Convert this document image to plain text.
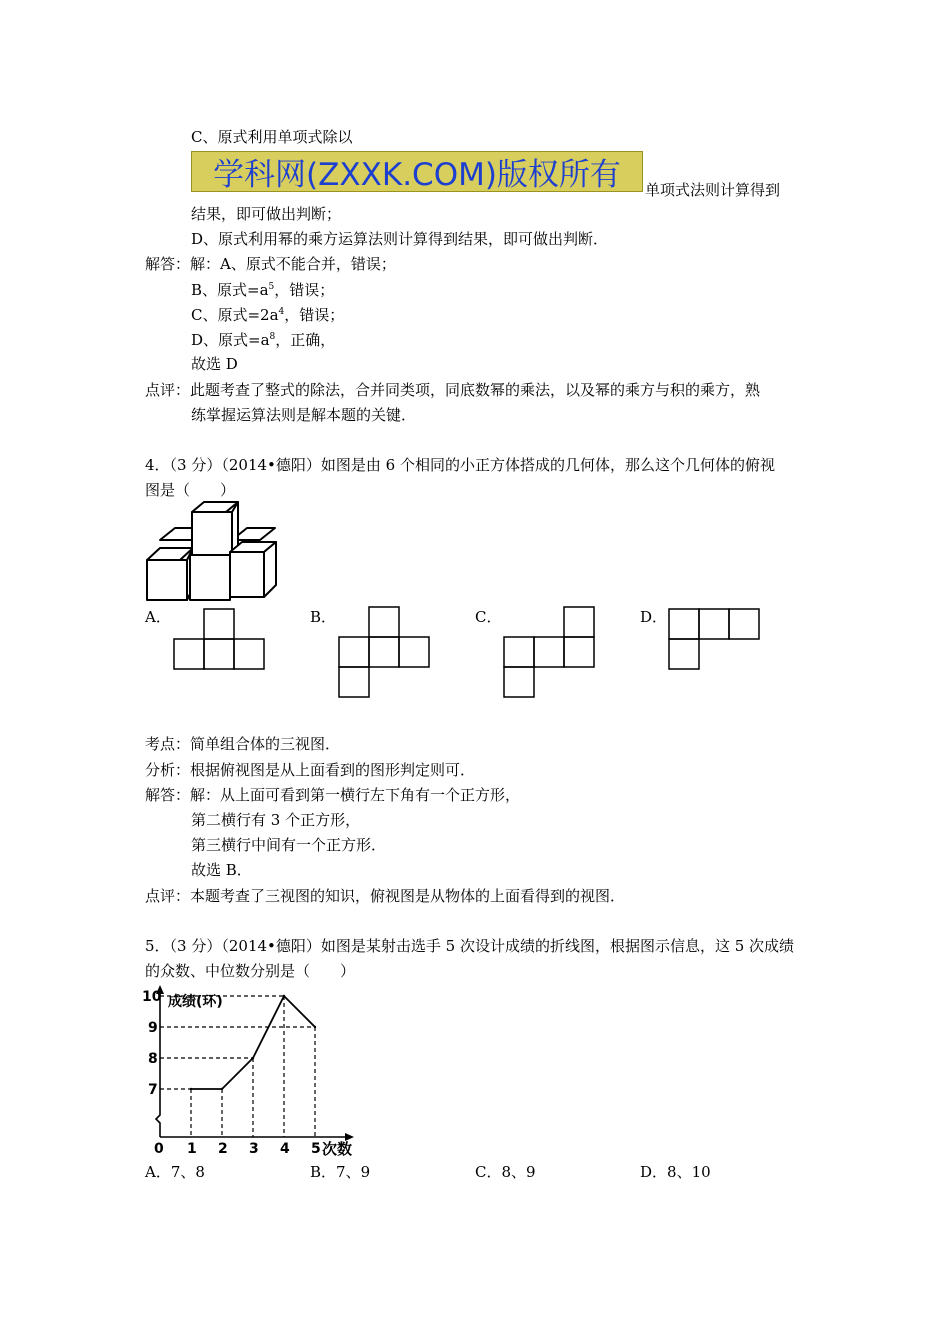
C、原式利用单项式除以
学科网(ZXXK.COM)版权所有 单项式法则计算得到
结果，即可做出判断；
D、原式利用幂的乘方运算法则计算得到结果，即可做出判断．
解答：解：A、原式不能合并，错误；
B、原式$=a^5$，错误；
C、原式$=2a^4$，错误；
D、原式$=a^8$，正确，
故选 D
点评：此题考查了整式的除法，合并同类项，同底数幂的乘法，以及幂的乘方与积的乘方，熟
练掌握运算法则是解本题的关键．
4．（3 分）（2014•德阳）如图是由 6 个相同的小正方体搭成的几何体，那么这个几何体的俯视
图是（　　）
A．	B．	C．	D．
考点：简单组合体的三视图．
分析：根据俯视图是从上面看到的图形判定则可．
解答：解：从上面可看到第一横行左下角有一个正方形，
第二横行有 3 个正方形，
第三横行中间有一个正方形．
故选 B．
点评：本题考查了三视图的知识，俯视图是从物体的上面看得到的视图．
5．（3 分）（2014•德阳）如图是某射击选手 5 次设计成绩的折线图，根据图示信息，这 5 次成绩
的众数、中位数分别是（　　）
成绩(环)
次数
0 1 2 3 4 5
7
8
9
10
A．7、8	B．7、9	C．8、9	D．8、10
